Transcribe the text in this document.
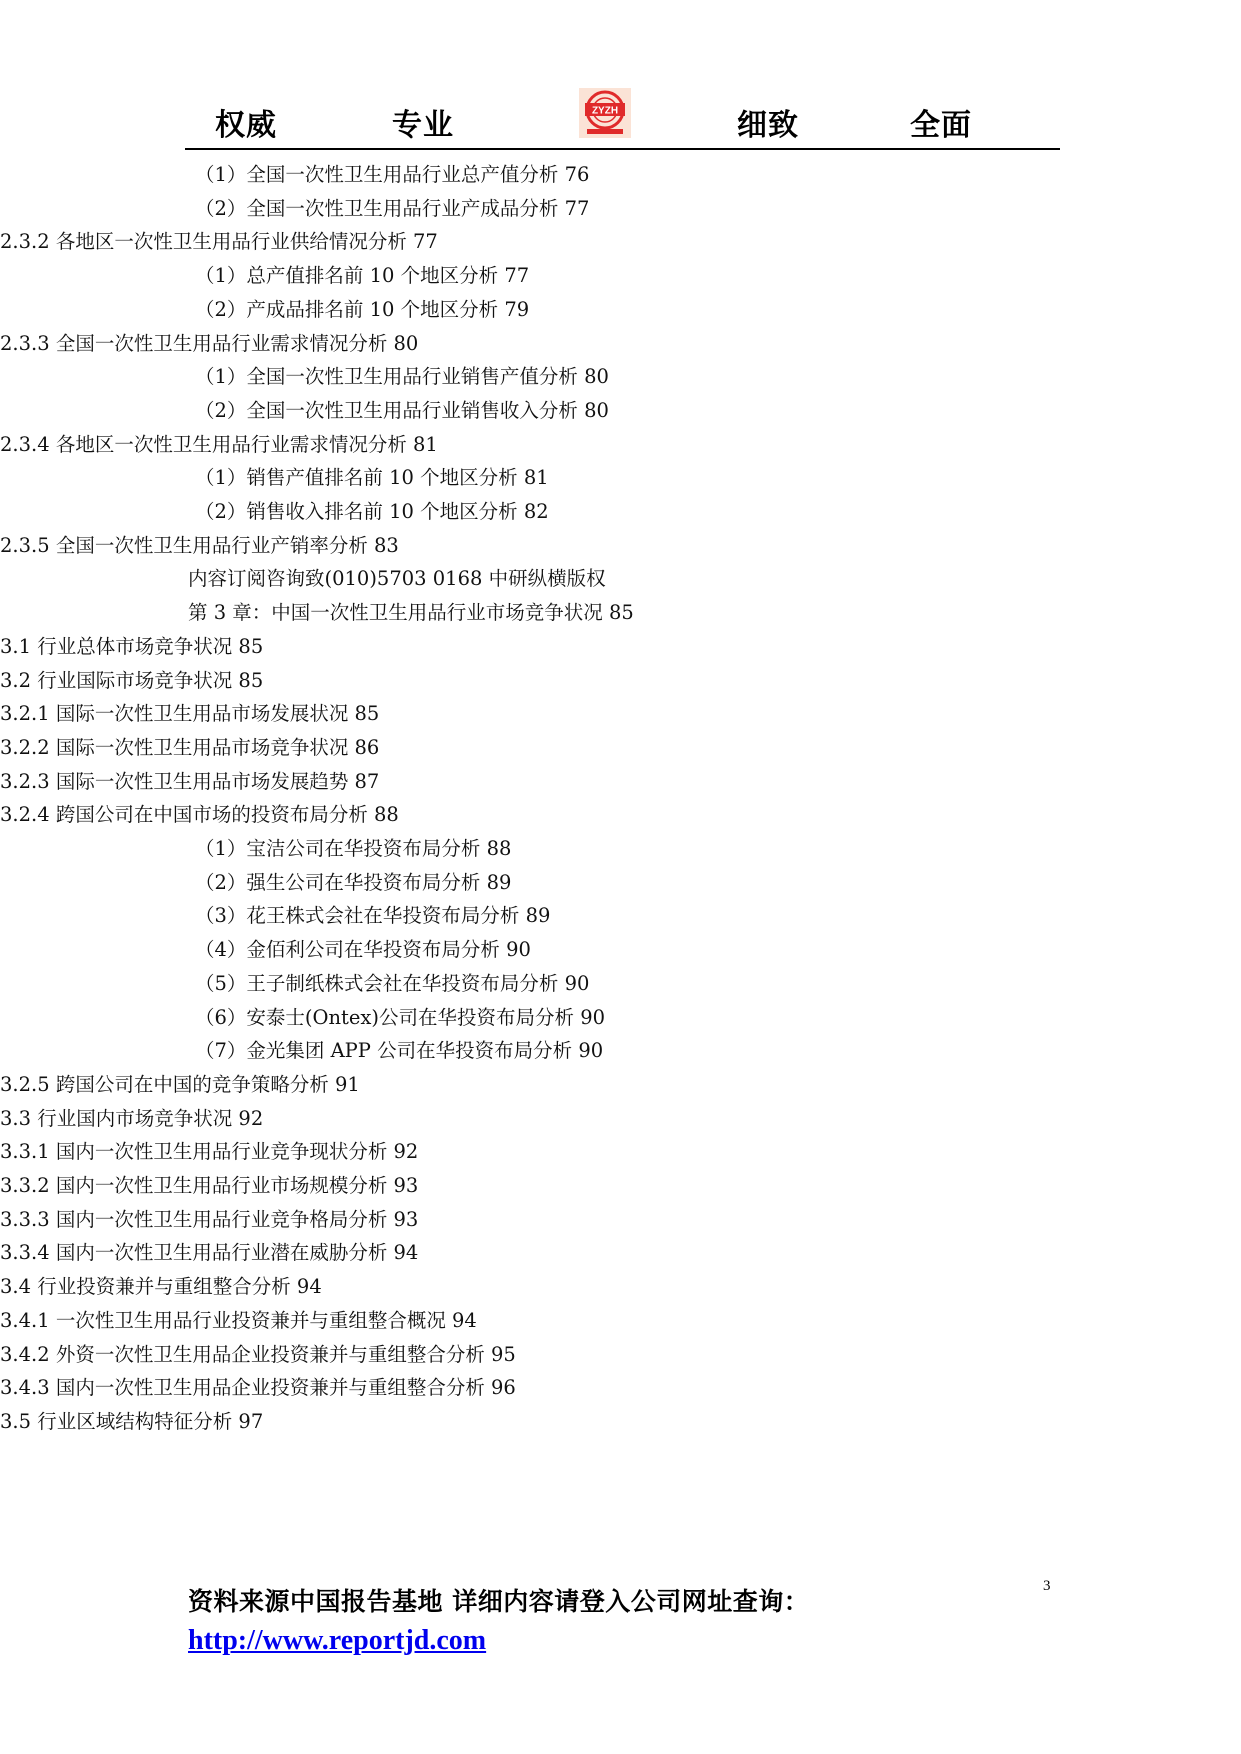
权威	专业	ZYZH	细致	全面
（1）全国一次性卫生用品行业总产值分析 76
（2）全国一次性卫生用品行业产成品分析 77
2.3.2 各地区一次性卫生用品行业供给情况分析 77
（1）总产值排名前 10 个地区分析 77
（2）产成品排名前 10 个地区分析 79
2.3.3 全国一次性卫生用品行业需求情况分析 80
（1）全国一次性卫生用品行业销售产值分析 80
（2）全国一次性卫生用品行业销售收入分析 80
2.3.4 各地区一次性卫生用品行业需求情况分析 81
（1）销售产值排名前 10 个地区分析 81
（2）销售收入排名前 10 个地区分析 82
2.3.5 全国一次性卫生用品行业产销率分析 83
内容订阅咨询致(010)5703 0168 中研纵横版权
第 3 章：中国一次性卫生用品行业市场竞争状况 85
3.1 行业总体市场竞争状况 85
3.2 行业国际市场竞争状况 85
3.2.1 国际一次性卫生用品市场发展状况 85
3.2.2 国际一次性卫生用品市场竞争状况 86
3.2.3 国际一次性卫生用品市场发展趋势 87
3.2.4 跨国公司在中国市场的投资布局分析 88
（1）宝洁公司在华投资布局分析 88
（2）强生公司在华投资布局分析 89
（3）花王株式会社在华投资布局分析 89
（4）金佰利公司在华投资布局分析 90
（5）王子制纸株式会社在华投资布局分析 90
（6）安泰士(Ontex)公司在华投资布局分析 90
（7）金光集团 APP 公司在华投资布局分析 90
3.2.5 跨国公司在中国的竞争策略分析 91
3.3 行业国内市场竞争状况 92
3.3.1 国内一次性卫生用品行业竞争现状分析 92
3.3.2 国内一次性卫生用品行业市场规模分析 93
3.3.3 国内一次性卫生用品行业竞争格局分析 93
3.3.4 国内一次性卫生用品行业潜在威胁分析 94
3.4 行业投资兼并与重组整合分析 94
3.4.1 一次性卫生用品行业投资兼并与重组整合概况 94
3.4.2 外资一次性卫生用品企业投资兼并与重组整合分析 95
3.4.3 国内一次性卫生用品企业投资兼并与重组整合分析 96
3.5 行业区域结构特征分析 97
资料来源中国报告基地 详细内容请登入公司网址查询：
http://www.reportjd.com
3
